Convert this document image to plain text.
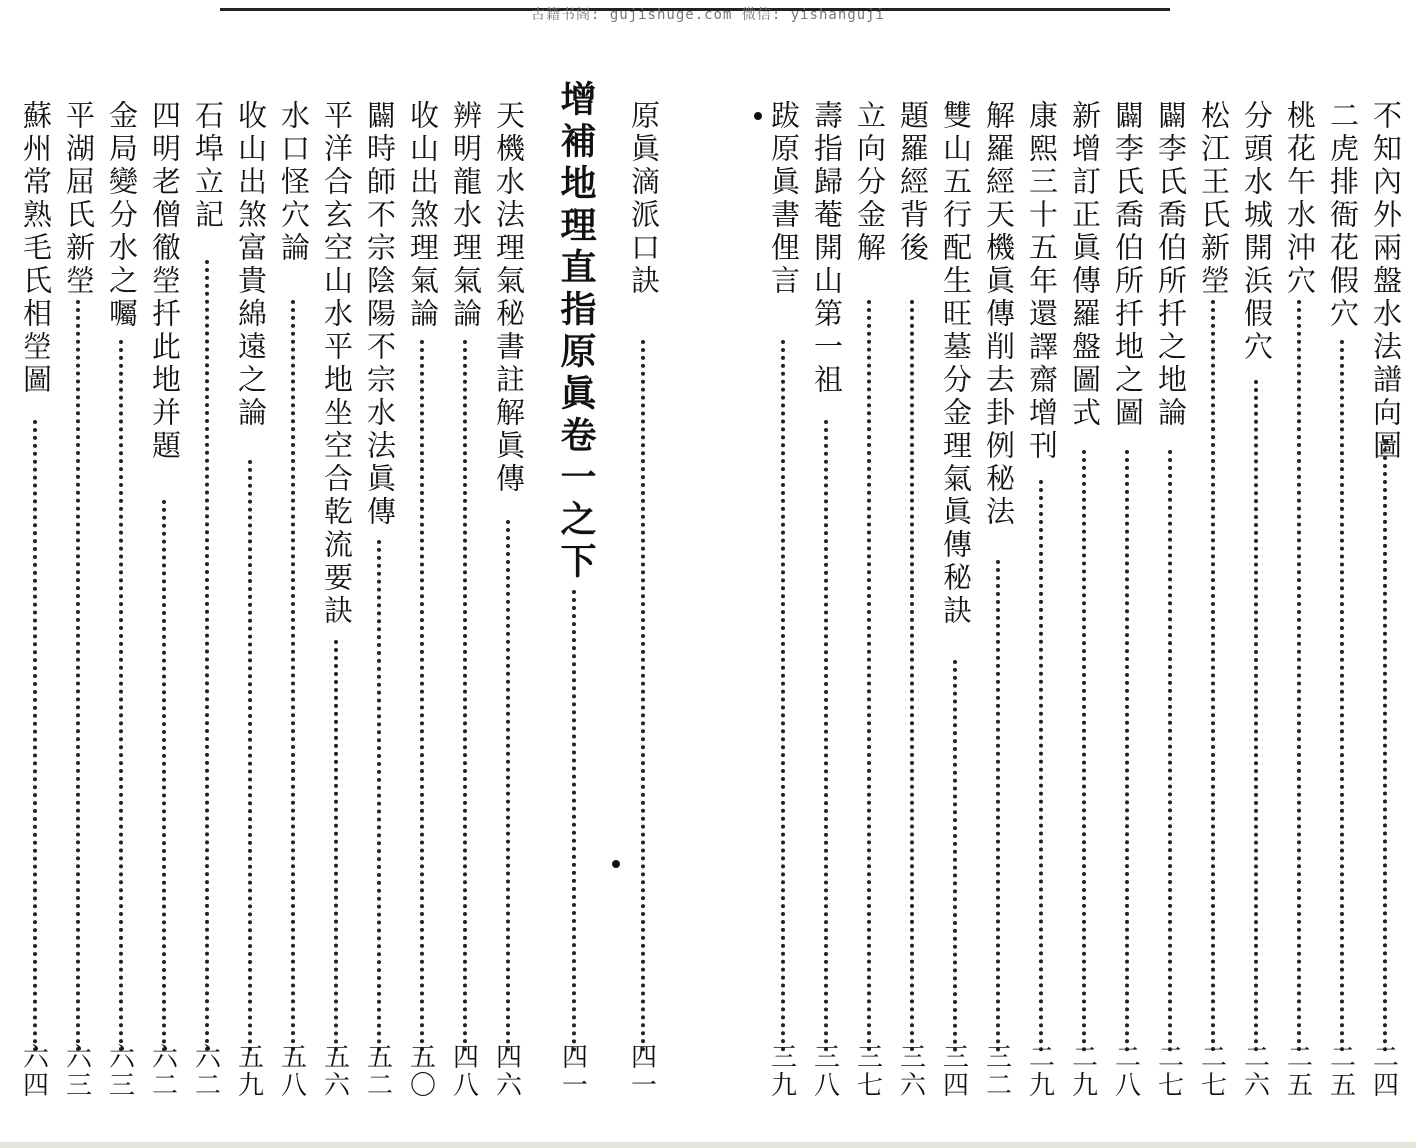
古籍书阁: gujishuge.com 微信: yishanguji
不知內外兩盤水法譜向圖
二四
二虎排衙花假穴
二五
桃花午水沖穴
二五
分頭水城開浜假穴
二六
松江王氏新塋
二七
闢李氏喬伯所扦之地論
二七
闢李氏喬伯所扦地之圖
二八
新增訂正眞傳羅盤圖式
二九
康熙三十五年還譯齋增刊
二九
解羅經天機眞傳削去卦例秘法
三二
雙山五行配生旺墓分金理氣眞傳秘訣
三四
題羅經背後
三六
立向分金解
三七
壽指歸菴開山第一祖
三八
跋原眞書俚言
三九
原眞滴派口訣
四一
增補地理直指原眞卷一之下
四一
天機水法理氣秘書註解眞傳
四六
辨明龍水理氣論
四八
收山出煞理氣論
五〇
闢時師不宗陰陽不宗水法眞傳
五二
平洋合玄空山水平地坐空合乾流要訣
五六
水口怪穴論
五八
收山出煞富貴綿遠之論
五九
石埠立記
六二
四明老僧徹塋扦此地并題
六二
金局變分水之囑
六三
平湖屈氏新塋
六三
蘇州常熟毛氏相塋圖
六四
